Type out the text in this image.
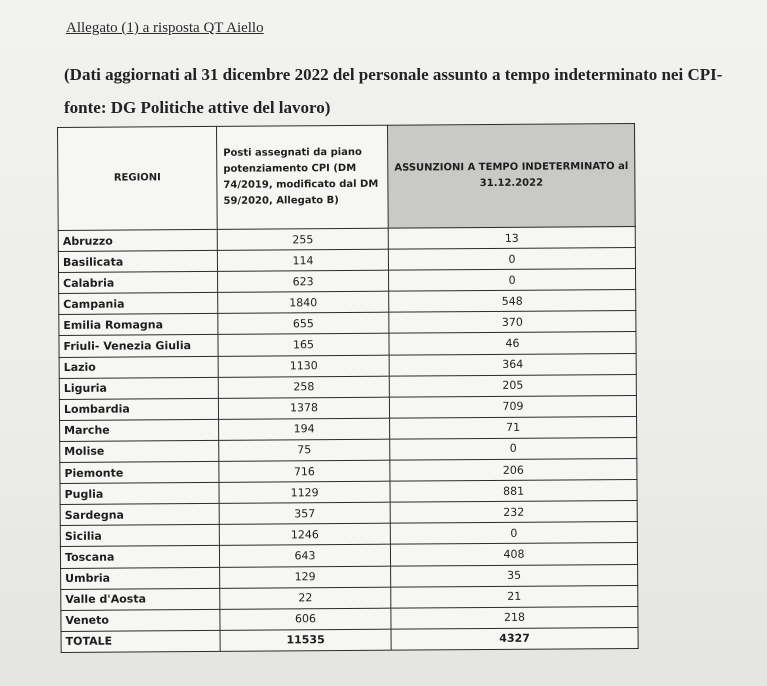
Allegato (1) a risposta QT Aiello
(Dati aggiornati al 31 dicembre 2022 del personale assunto a tempo indeterminato nei CPI- fonte: DG Politiche attive del lavoro)
REGIONI	Posti assegnati da piano potenziamento CPI (DM 74/2019, modificato dal DM 59/2020, Allegato B)	ASSUNZIONI A TEMPO INDETERMINATO al 31.12.2022
Abruzzo	255	13
Basilicata	114	0
Calabria	623	0
Campania	1840	548
Emilia Romagna	655	370
Friuli- Venezia Giulia	165	46
Lazio	1130	364
Liguria	258	205
Lombardia	1378	709
Marche	194	71
Molise	75	0
Piemonte	716	206
Puglia	1129	881
Sardegna	357	232
Sicilia	1246	0
Toscana	643	408
Umbria	129	35
Valle d'Aosta	22	21
Veneto	606	218
TOTALE	11535	4327
